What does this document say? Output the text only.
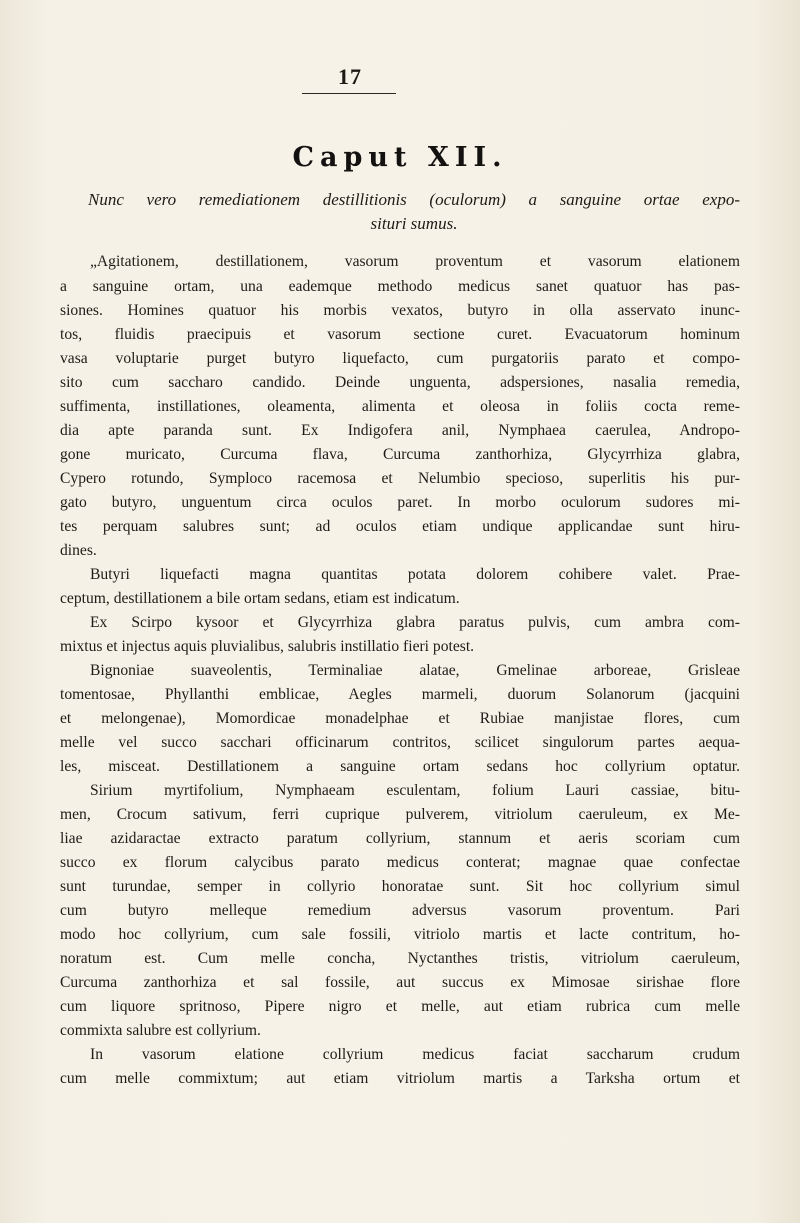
17
Caput XII.
Nunc vero remediationem destillitionis (oculorum) a sanguine ortae expo-
situri sumus.
„Agitationem, destillationem, vasorum proventum et vasorum elationem
a sanguine ortam, una eademque methodo medicus sanet quatuor has pas-
siones. Homines quatuor his morbis vexatos, butyro in olla asservato inunc-
tos, fluidis praecipuis et vasorum sectione curet. Evacuatorum hominum
vasa voluptarie purget butyro liquefacto, cum purgatoriis parato et compo-
sito cum saccharo candido. Deinde unguenta, adspersiones, nasalia remedia,
suffimenta, instillationes, oleamenta, alimenta et oleosa in foliis cocta reme-
dia apte paranda sunt. Ex Indigofera anil, Nymphaea caerulea, Andropo-
gone muricato, Curcuma flava, Curcuma zanthorhiza, Glycyrrhiza glabra,
Cypero rotundo, Symploco racemosa et Nelumbio specioso, superlitis his pur-
gato butyro, unguentum circa oculos paret. In morbo oculorum sudores mi-
tes perquam salubres sunt; ad oculos etiam undique applicandae sunt hiru-
dines.
Butyri liquefacti magna quantitas potata dolorem cohibere valet. Prae-
ceptum, destillationem a bile ortam sedans, etiam est indicatum.
Ex Scirpo kysoor et Glycyrrhiza glabra paratus pulvis, cum ambra com-
mixtus et injectus aquis pluvialibus, salubris instillatio fieri potest.
Bignoniae suaveolentis, Terminaliae alatae, Gmelinae arboreae, Grisleae
tomentosae, Phyllanthi emblicae, Aegles marmeli, duorum Solanorum (jacquini
et melongenae), Momordicae monadelphae et Rubiae manjistae flores, cum
melle vel succo sacchari officinarum contritos, scilicet singulorum partes aequa-
les, misceat. Destillationem a sanguine ortam sedans hoc collyrium optatur.
Sirium myrtifolium, Nymphaeam esculentam, folium Lauri cassiae, bitu-
men, Crocum sativum, ferri cuprique pulverem, vitriolum caeruleum, ex Me-
liae azidaractae extracto paratum collyrium, stannum et aeris scoriam cum
succo ex florum calycibus parato medicus conterat; magnae quae confectae
sunt turundae, semper in collyrio honoratae sunt. Sit hoc collyrium simul
cum butyro melleque remedium adversus vasorum proventum. Pari
modo hoc collyrium, cum sale fossili, vitriolo martis et lacte contritum, ho-
noratum est. Cum melle concha, Nyctanthes tristis, vitriolum caeruleum,
Curcuma zanthorhiza et sal fossile, aut succus ex Mimosae sirishae flore
cum liquore spritnoso, Pipere nigro et melle, aut etiam rubrica cum melle
commixta salubre est collyrium.
In vasorum elatione collyrium medicus faciat saccharum crudum
cum melle commixtum; aut etiam vitriolum martis a Tarksha ortum et
